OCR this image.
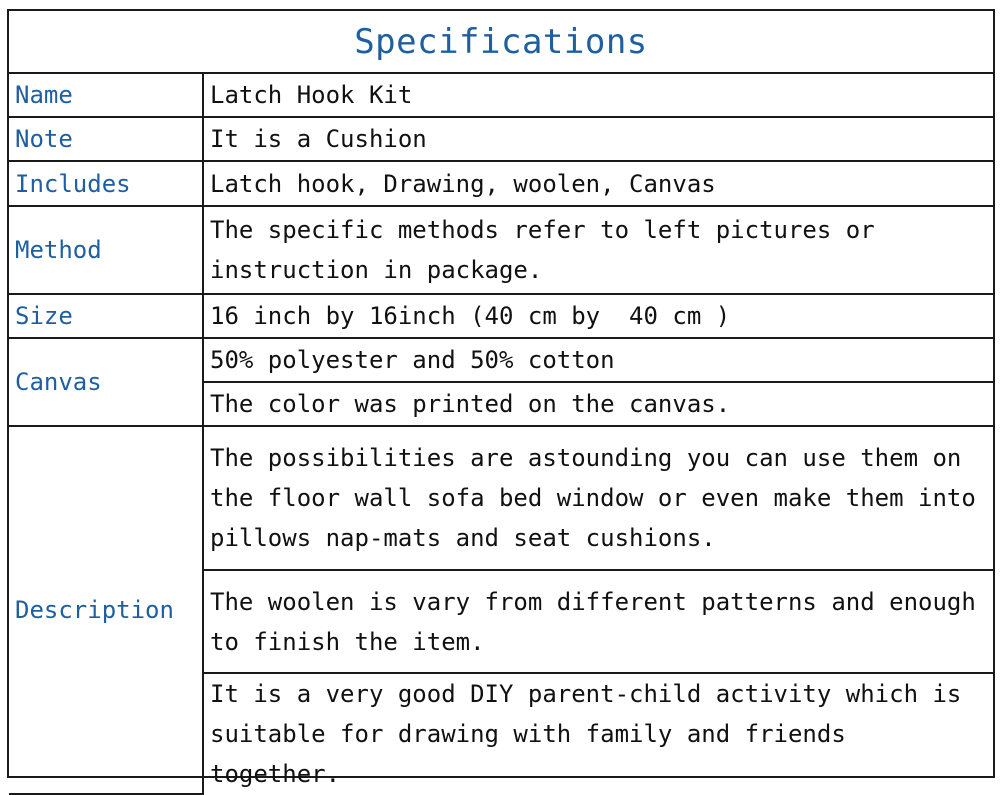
Specifications
Name	Latch Hook Kit
Note	It is a Cushion
Includes	Latch hook, Drawing, woolen, Canvas
Method	The specific methods refer to left pictures or instruction in package.
Size	16 inch by 16inch (40 cm by  40 cm )
Canvas	50% polyester and 50% cotton
	The color was printed on the canvas.
Description	The possibilities are astounding you can use them on the floor wall sofa bed window or even make them into pillows nap-mats and seat cushions.
	The woolen is vary from different patterns and enough to finish the item.
	It is a very good DIY parent-child activity which is suitable for drawing with family and friends together.
